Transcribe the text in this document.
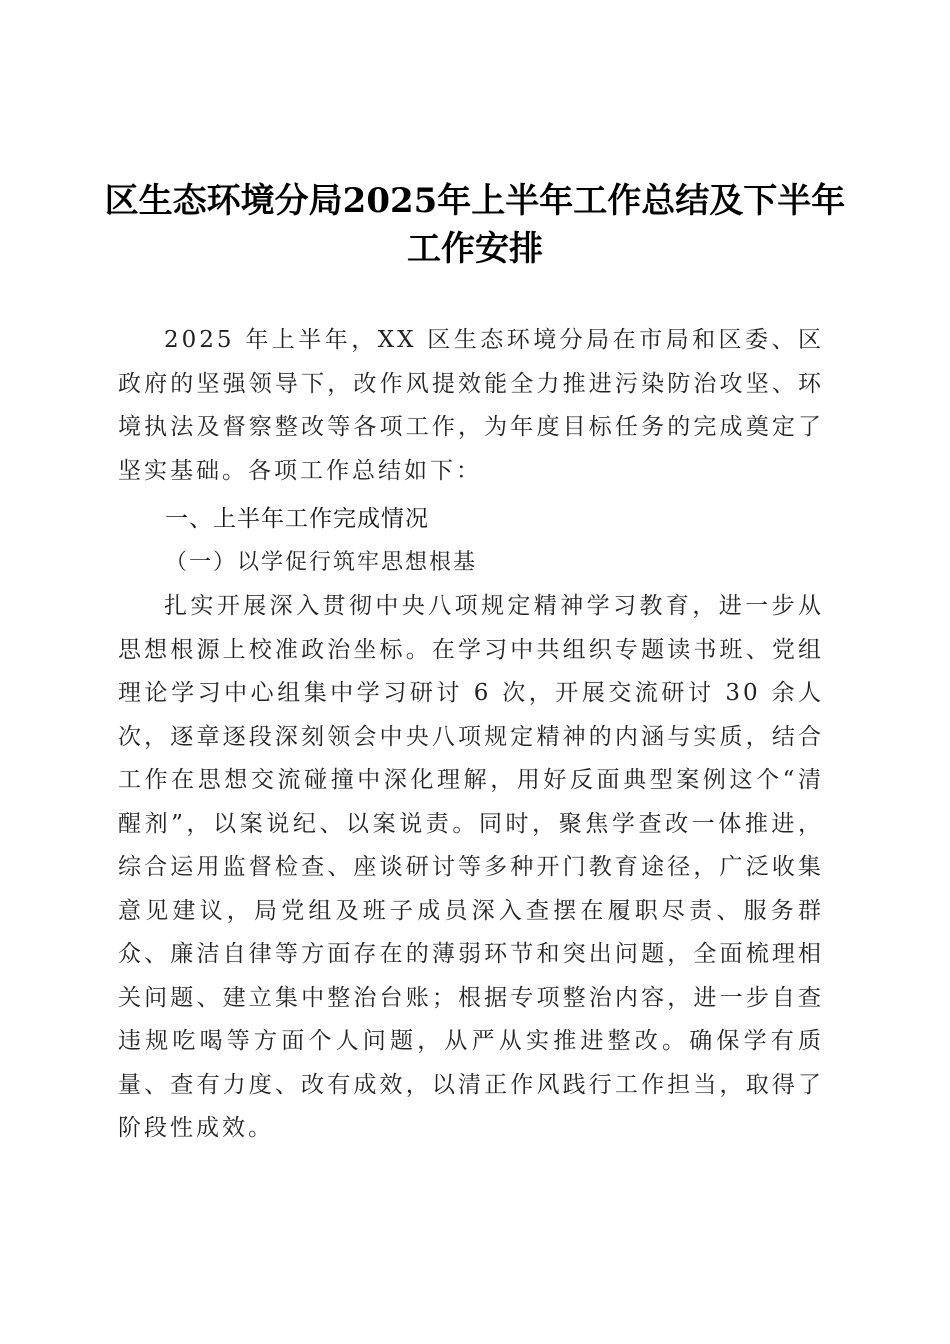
区生态环境分局2025年上半年工作总结及下半年工作安排

2025 年上半年，XX 区生态环境分局在市局和区委、区政府的坚强领导下，改作风提效能全力推进污染防治攻坚、环境执法及督察整改等各项工作，为年度目标任务的完成奠定了坚实基础。各项工作总结如下：

一、上半年工作完成情况
（一）以学促行筑牢思想根基

扎实开展深入贯彻中央八项规定精神学习教育，进一步从思想根源上校准政治坐标。在学习中共组织专题读书班、党组理论学习中心组集中学习研讨 6 次，开展交流研讨 30 余人次，逐章逐段深刻领会中央八项规定精神的内涵与实质，结合工作在思想交流碰撞中深化理解，用好反面典型案例这个“清醒剂”，以案说纪、以案说责。同时，聚焦学查改一体推进，综合运用监督检查、座谈研讨等多种开门教育途径，广泛收集意见建议，局党组及班子成员深入查摆在履职尽责、服务群众、廉洁自律等方面存在的薄弱环节和突出问题，全面梳理相关问题、建立集中整治台账；根据专项整治内容，进一步自查违规吃喝等方面个人问题，从严从实推进整改。确保学有质量、查有力度、改有成效，以清正作风践行工作担当，取得了阶段性成效。
